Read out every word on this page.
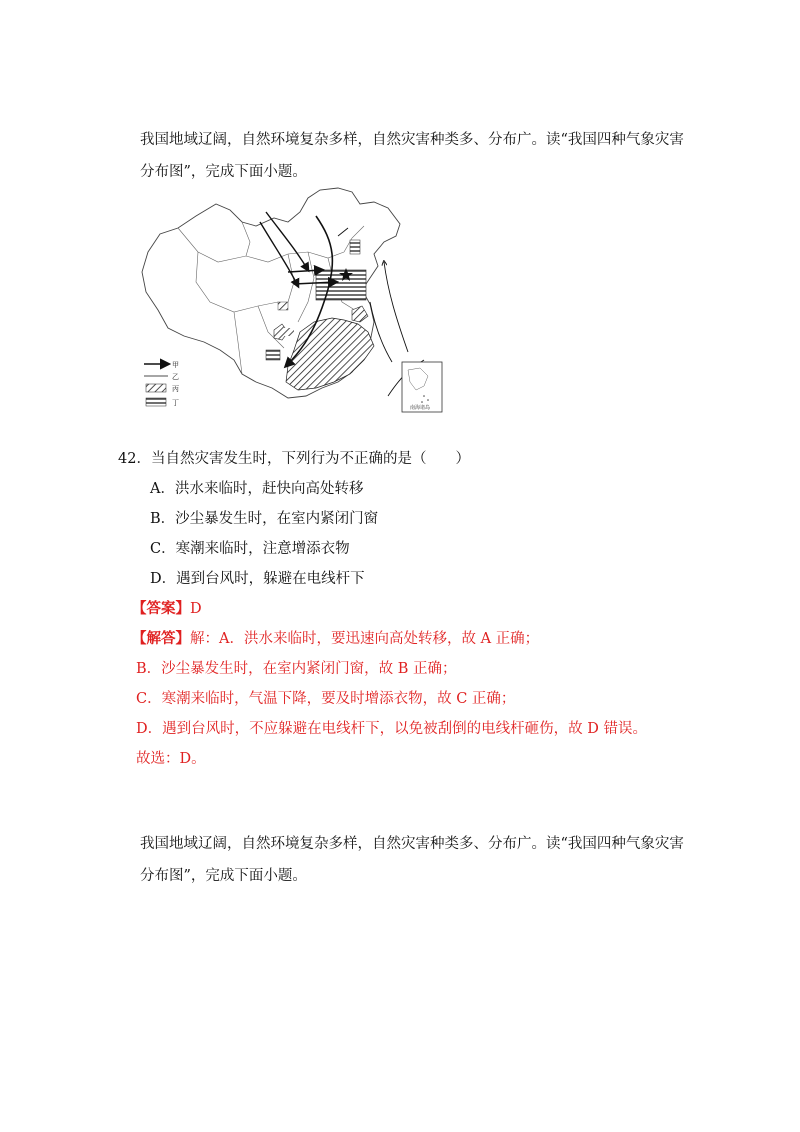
我国地域辽阔，自然环境复杂多样，自然灾害种类多、分布广。读“我国四种气象灾害
分布图”，完成下面小题。
南海诸岛
甲
乙
丙
丁
42．当自然灾害发生时，下列行为不正确的是（　　）
A．洪水来临时，赶快向高处转移
B．沙尘暴发生时，在室内紧闭门窗
C．寒潮来临时，注意增添衣物
D．遇到台风时，躲避在电线杆下
【答案】D
【解答】解：A．洪水来临时，要迅速向高处转移，故 A 正确；
B．沙尘暴发生时，在室内紧闭门窗，故 B 正确；
C．寒潮来临时，气温下降，要及时增添衣物，故 C 正确；
D．遇到台风时，不应躲避在电线杆下，以免被刮倒的电线杆砸伤，故 D 错误。
故选：D。
我国地域辽阔，自然环境复杂多样，自然灾害种类多、分布广。读“我国四种气象灾害
分布图”，完成下面小题。
